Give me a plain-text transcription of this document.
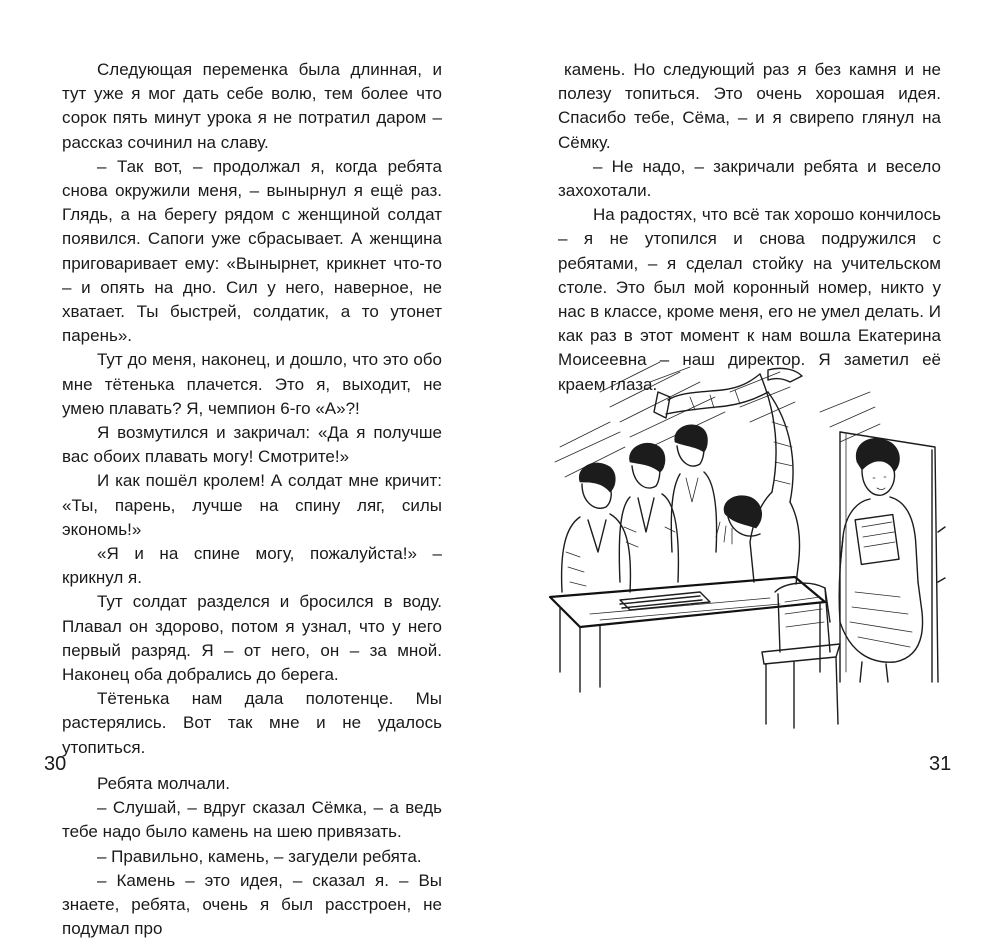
Следующая переменка была длинная, и тут уже я мог дать себе волю, тем более что сорок пять минут урока я не потратил даром – рассказ сочинил на славу.

– Так вот, – продолжал я, когда ребята снова окружили меня, – вынырнул я ещё раз. Глядь, а на берегу рядом с женщиной солдат появился. Сапоги уже сбрасывает. А женщина приговаривает ему: «Вынырнет, крикнет что-то – и опять на дно. Сил у него, наверное, не хватает. Ты быстрей, солдатик, а то утонет парень».

Тут до меня, наконец, и дошло, что это обо мне тётенька плачется. Это я, выходит, не умею плавать? Я, чемпион 6-го «А»?!

Я возмутился и закричал: «Да я получше вас обоих плавать могу! Смотрите!»

И как пошёл кролем! А солдат мне кричит: «Ты, парень, лучше на спину ляг, силы экономь!»

«Я и на спине могу, пожалуйста!» – крикнул я.

Тут солдат разделся и бросился в воду. Плавал он здорово, потом я узнал, что у него первый разряд. Я – от него, он – за мной. Наконец оба добрались до берега.

Тётенька нам дала полотенце. Мы растерялись. Вот так мне и не удалось утопиться.

Ребята молчали.

– Слушай, – вдруг сказал Сёмка, – а ведь тебе надо было камень на шею привязать.

– Правильно, камень, – загудели ребята.

– Камень – это идея, – сказал я. – Вы знаете, ребята, очень я был расстроен, не подумал про

30

камень. Но следующий раз я без камня и не полезу топиться. Это очень хорошая идея. Спасибо тебе, Сёма, – и я свирепо глянул на Сёмку.

– Не надо, – закричали ребята и весело захохотали.

На радостях, что всё так хорошо кончилось – я не утопился и снова подружился с ребятами, – я сделал стойку на учительском столе. Это был мой коронный номер, никто у нас в классе, кроме меня, его не умел делать. И как раз в этот момент к нам вошла Екатерина Моисеевна – наш директор. Я заметил её краем глаза.

31
